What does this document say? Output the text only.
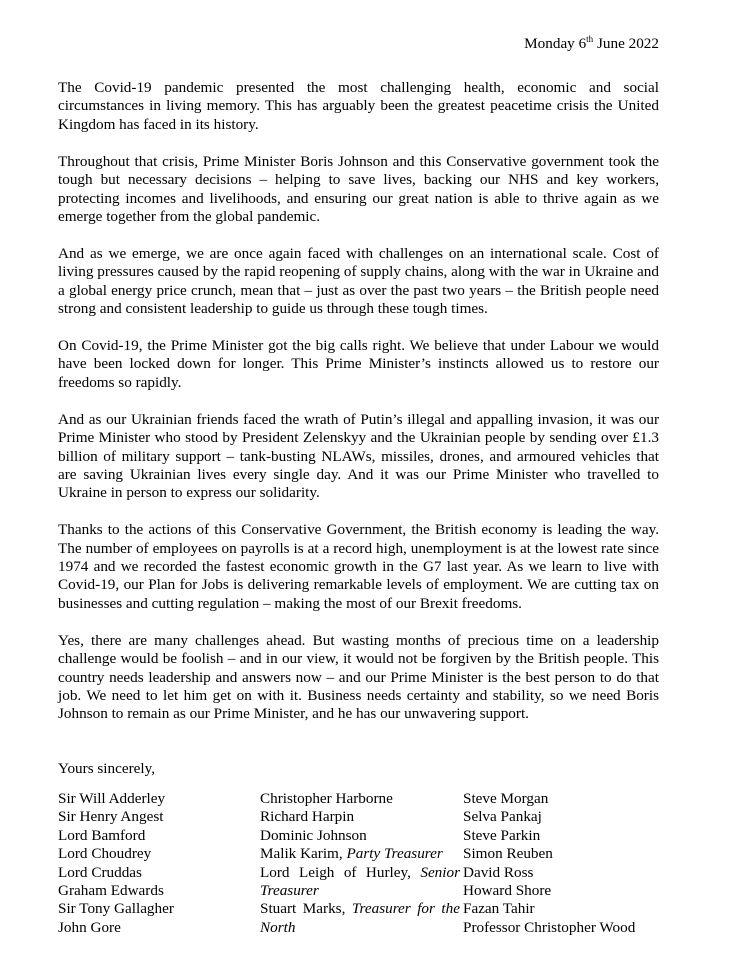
Monday 6th June 2022

The Covid-19 pandemic presented the most challenging health, economic and social circumstances in living memory. This has arguably been the greatest peacetime crisis the United Kingdom has faced in its history.

Throughout that crisis, Prime Minister Boris Johnson and this Conservative government took the tough but necessary decisions – helping to save lives, backing our NHS and key workers, protecting incomes and livelihoods, and ensuring our great nation is able to thrive again as we emerge together from the global pandemic.

And as we emerge, we are once again faced with challenges on an international scale. Cost of living pressures caused by the rapid reopening of supply chains, along with the war in Ukraine and a global energy price crunch, mean that – just as over the past two years – the British people need strong and consistent leadership to guide us through these tough times.

On Covid-19, the Prime Minister got the big calls right. We believe that under Labour we would have been locked down for longer. This Prime Minister’s instincts allowed us to restore our freedoms so rapidly.

And as our Ukrainian friends faced the wrath of Putin’s illegal and appalling invasion, it was our Prime Minister who stood by President Zelenskyy and the Ukrainian people by sending over £1.3 billion of military support – tank-busting NLAWs, missiles, drones, and armoured vehicles that are saving Ukrainian lives every single day. And it was our Prime Minister who travelled to Ukraine in person to express our solidarity.

Thanks to the actions of this Conservative Government, the British economy is leading the way. The number of employees on payrolls is at a record high, unemployment is at the lowest rate since 1974 and we recorded the fastest economic growth in the G7 last year. As we learn to live with Covid-19, our Plan for Jobs is delivering remarkable levels of employment. We are cutting tax on businesses and cutting regulation – making the most of our Brexit freedoms.

Yes, there are many challenges ahead. But wasting months of precious time on a leadership challenge would be foolish – and in our view, it would not be forgiven by the British people. This country needs leadership and answers now – and our Prime Minister is the best person to do that job. We need to let him get on with it. Business needs certainty and stability, so we need Boris Johnson to remain as our Prime Minister, and he has our unwavering support.

Yours sincerely,

Sir Will Adderley

Sir Henry Angest

Lord Bamford

Lord Choudrey

Lord Cruddas

Graham Edwards

Sir Tony Gallagher

John Gore

Christopher Harborne

Richard Harpin

Dominic Johnson

Malik Karim, Party Treasurer

Lord Leigh of Hurley, Senior Treasurer

Stuart Marks, Treasurer for the North

Steve Morgan

Selva Pankaj

Steve Parkin

Simon Reuben

David Ross

Howard Shore

Fazan Tahir

Professor Christopher Wood
